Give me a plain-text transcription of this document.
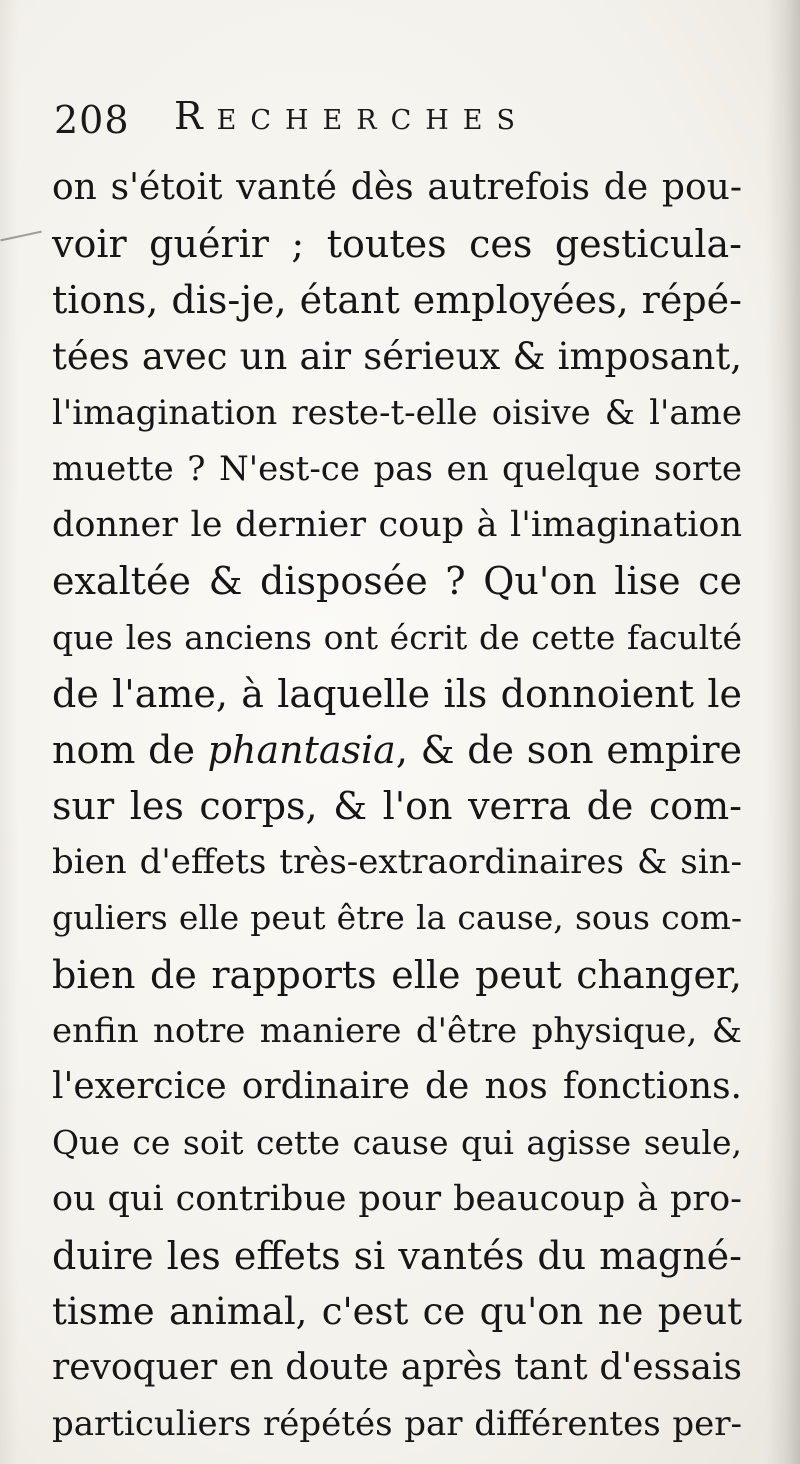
208 Recherches
on s'étoit vanté dès autrefois de pou-
voir guérir ; toutes ces gesticula-
tions, dis-je, étant employées, répé-
tées avec un air sérieux & imposant,
l'imagination reste-t-elle oisive & l'ame
muette ? N'est-ce pas en quelque sorte
donner le dernier coup à l'imagination
exaltée & disposée ? Qu'on lise ce
que les anciens ont écrit de cette faculté
de l'ame, à laquelle ils donnoient le
nom de phantasia, & de son empire
sur les corps, & l'on verra de com-
bien d'effets très-extraordinaires & sin-
guliers elle peut être la cause, sous com-
bien de rapports elle peut changer,
enfin notre maniere d'être physique, &
l'exercice ordinaire de nos fonctions.
Que ce soit cette cause qui agisse seule,
ou qui contribue pour beaucoup à pro-
duire les effets si vantés du magné-
tisme animal, c'est ce qu'on ne peut
revoquer en doute après tant d'essais
particuliers répétés par différentes per-
